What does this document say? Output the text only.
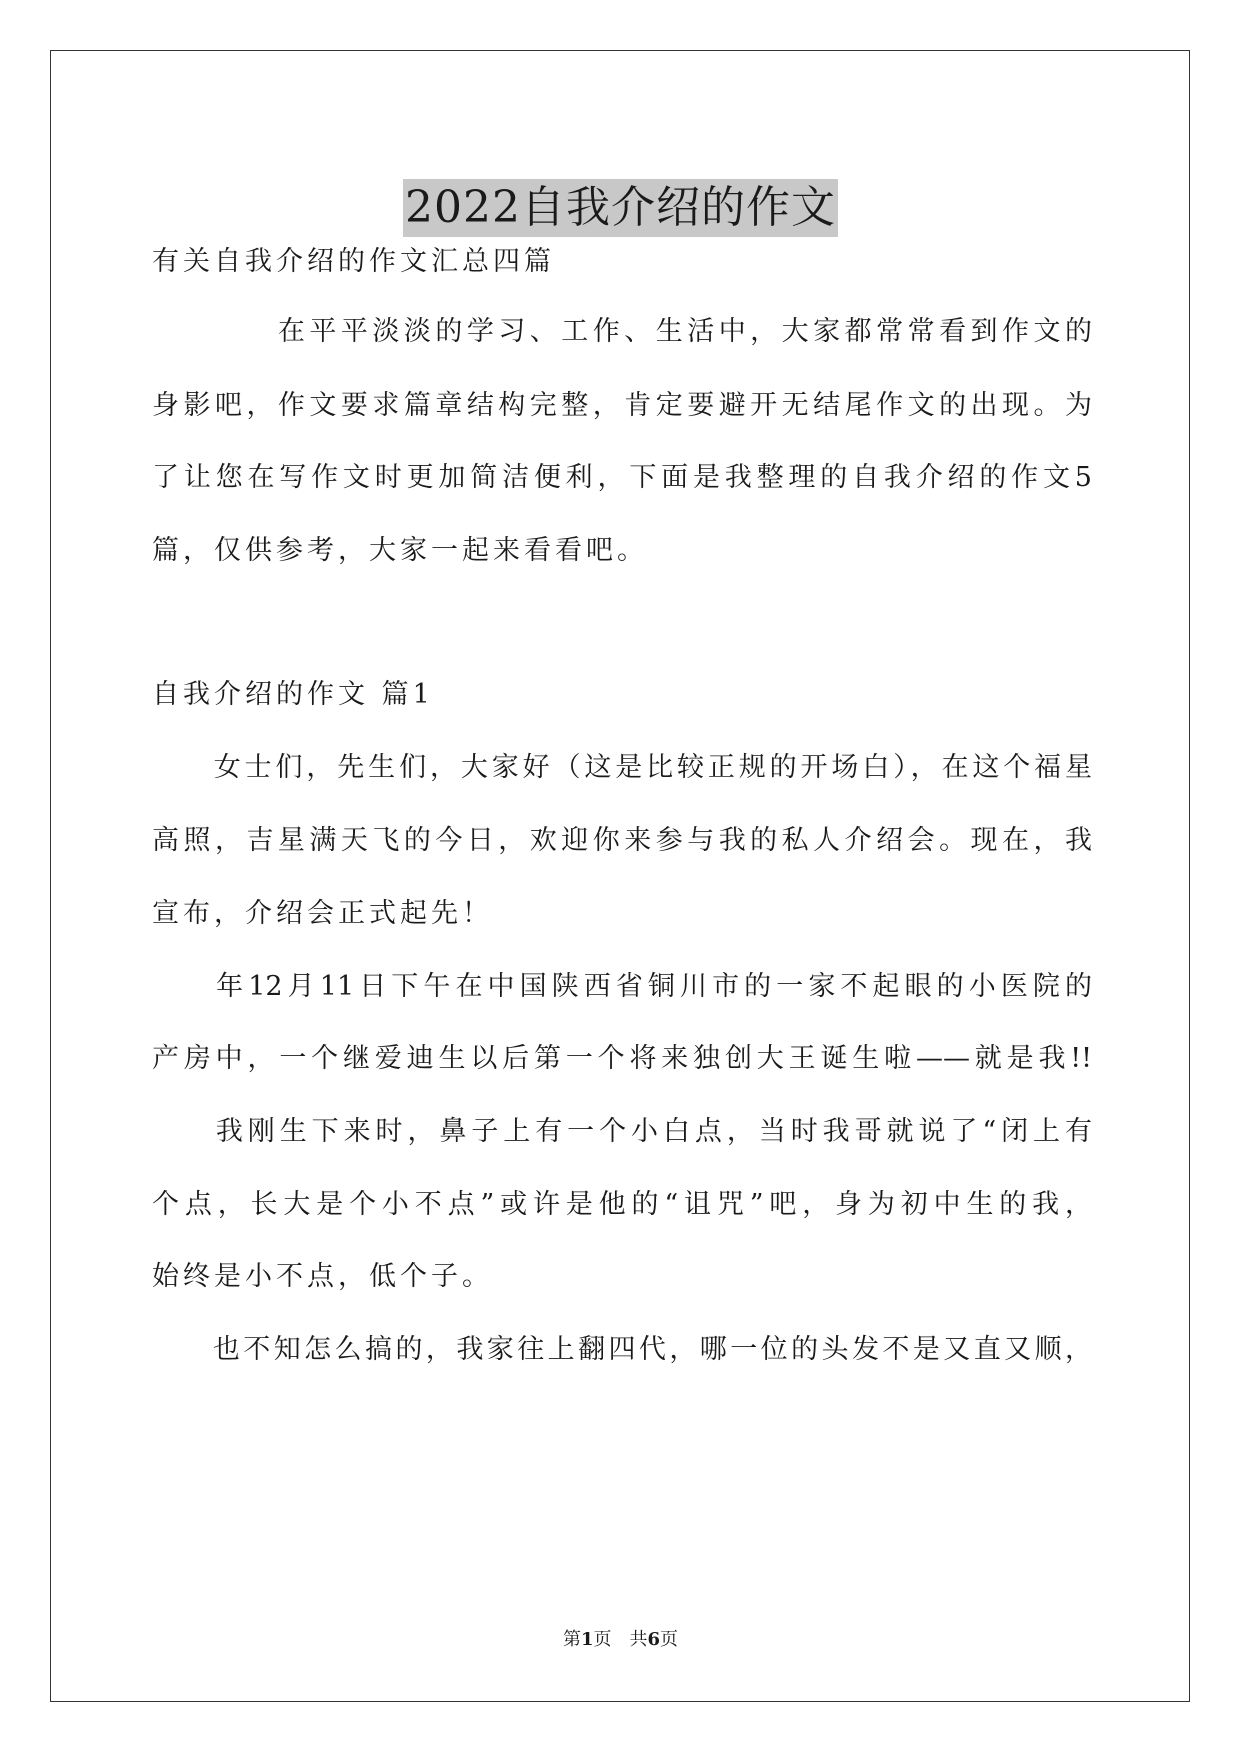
2022自我介绍的作文
有关自我介绍的作文汇总四篇
　　　　在平平淡淡的学习、工作、生活中，大家都常常看到作文的
身影吧，作文要求篇章结构完整，肯定要避开无结尾作文的出现。为
了让您在写作文时更加简洁便利，下面是我整理的自我介绍的作文5
篇，仅供参考，大家一起来看看吧。
自我介绍的作文 篇1
　　女士们，先生们，大家好（这是比较正规的开场白），在这个福星
高照，吉星满天飞的今日，欢迎你来参与我的私人介绍会。现在，我
宣布，介绍会正式起先！
　　年12月11日下午在中国陕西省铜川市的一家不起眼的小医院的
产房中，一个继爱迪生以后第一个将来独创大王诞生啦——就是我!!
　　我刚生下来时，鼻子上有一个小白点，当时我哥就说了“闭上有
个点，长大是个小不点”或许是他的“诅咒”吧，身为初中生的我，
始终是小不点，低个子。
　　也不知怎么搞的，我家往上翻四代，哪一位的头发不是又直又顺，
第1页　共6页
